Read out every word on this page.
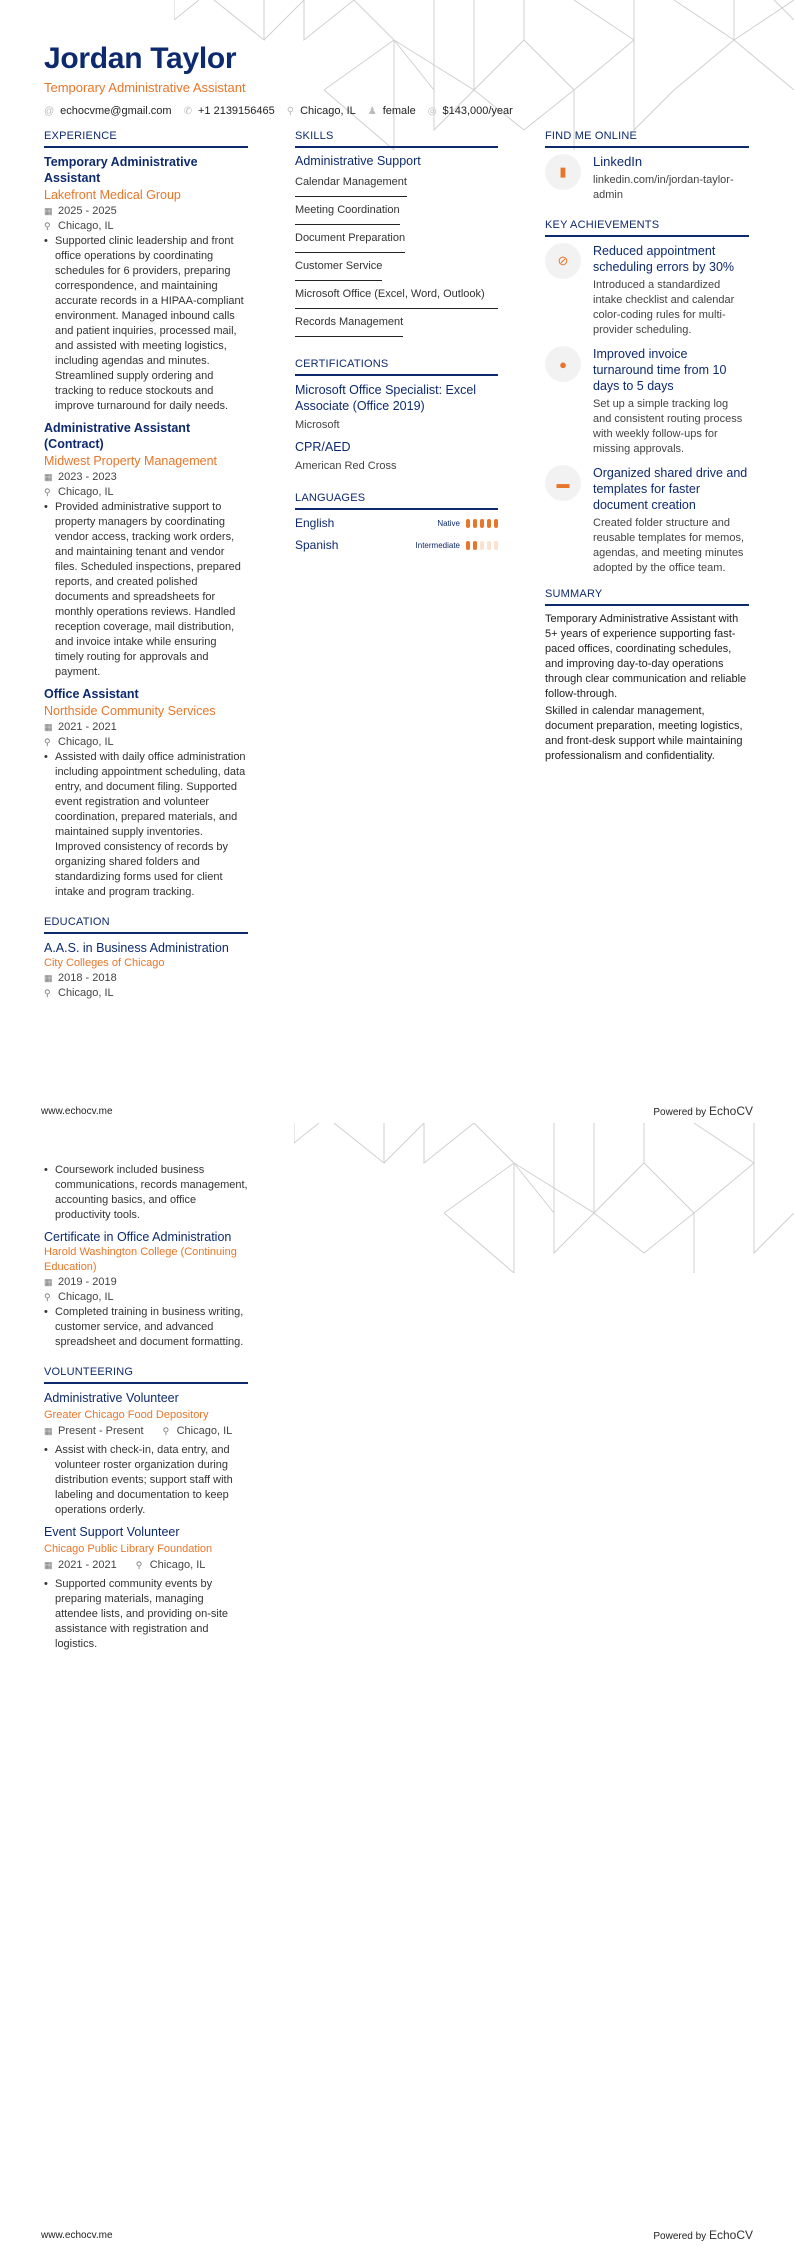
Jordan Taylor
Temporary Administrative Assistant
@ echocvme@gmail.com ✆ +1 2139156465 ⚲ Chicago, IL ♟ female ◎ $143,000/year
EXPERIENCE
Temporary Administrative Assistant
Lakefront Medical Group
▦ 2025 - 2025
⚲ Chicago, IL
• Supported clinic leadership and front office operations by coordinating schedules for 6 providers, preparing correspondence, and maintaining accurate records in a HIPAA-compliant environment. Managed inbound calls and patient inquiries, processed mail, and assisted with meeting logistics, including agendas and minutes. Streamlined supply ordering and tracking to reduce stockouts and improve turnaround for daily needs.
Administrative Assistant (Contract)
Midwest Property Management
▦ 2023 - 2023
⚲ Chicago, IL
• Provided administrative support to property managers by coordinating vendor access, tracking work orders, and maintaining tenant and vendor files. Scheduled inspections, prepared reports, and created polished documents and spreadsheets for monthly operations reviews. Handled reception coverage, mail distribution, and invoice intake while ensuring timely routing for approvals and payment.
Office Assistant
Northside Community Services
▦ 2021 - 2021
⚲ Chicago, IL
• Assisted with daily office administration including appointment scheduling, data entry, and document filing. Supported event registration and volunteer coordination, prepared materials, and maintained supply inventories. Improved consistency of records by organizing shared folders and standardizing forms used for client intake and program tracking.
EDUCATION
A.A.S. in Business Administration
City Colleges of Chicago
▦ 2018 - 2018
⚲ Chicago, IL
SKILLS
Administrative Support
Calendar Management
Meeting Coordination
Document Preparation
Customer Service
Microsoft Office (Excel, Word, Outlook)
Records Management
CERTIFICATIONS
Microsoft Office Specialist: Excel Associate (Office 2019)
Microsoft
CPR/AED
American Red Cross
LANGUAGES
English	Native
Spanish	Intermediate
FIND ME ONLINE
▮
LinkedIn
linkedin.com/in/jordan-taylor-admin
KEY ACHIEVEMENTS
⊘
Reduced appointment scheduling errors by 30%
Introduced a standardized intake checklist and calendar color-coding rules for multi-provider scheduling.
●
Improved invoice turnaround time from 10 days to 5 days
Set up a simple tracking log and consistent routing process with weekly follow-ups for missing approvals.
▬
Organized shared drive and templates for faster document creation
Created folder structure and reusable templates for memos, agendas, and meeting minutes adopted by the office team.
SUMMARY

Temporary Administrative Assistant with 5+ years of experience supporting fast-paced offices, coordinating schedules, and improving day-to-day operations through clear communication and reliable follow-through.

Skilled in calendar management, document preparation, meeting logistics, and front-desk support while maintaining professionalism and confidentiality.

www.echocv.me	Powered by EchoCV
• Coursework included business communications, records management, accounting basics, and office productivity tools.
Certificate in Office Administration
Harold Washington College (Continuing Education)
▦ 2019 - 2019
⚲ Chicago, IL
• Completed training in business writing, customer service, and advanced spreadsheet and document formatting.
VOLUNTEERING
Administrative Volunteer
Greater Chicago Food Depository
▦ Present - Present ⚲ Chicago, IL
• Assist with check-in, data entry, and volunteer roster organization during distribution events; support staff with labeling and documentation to keep operations orderly.
Event Support Volunteer
Chicago Public Library Foundation
▦ 2021 - 2021 ⚲ Chicago, IL
• Supported community events by preparing materials, managing attendee lists, and providing on-site assistance with registration and logistics.
www.echocv.me	Powered by EchoCV
